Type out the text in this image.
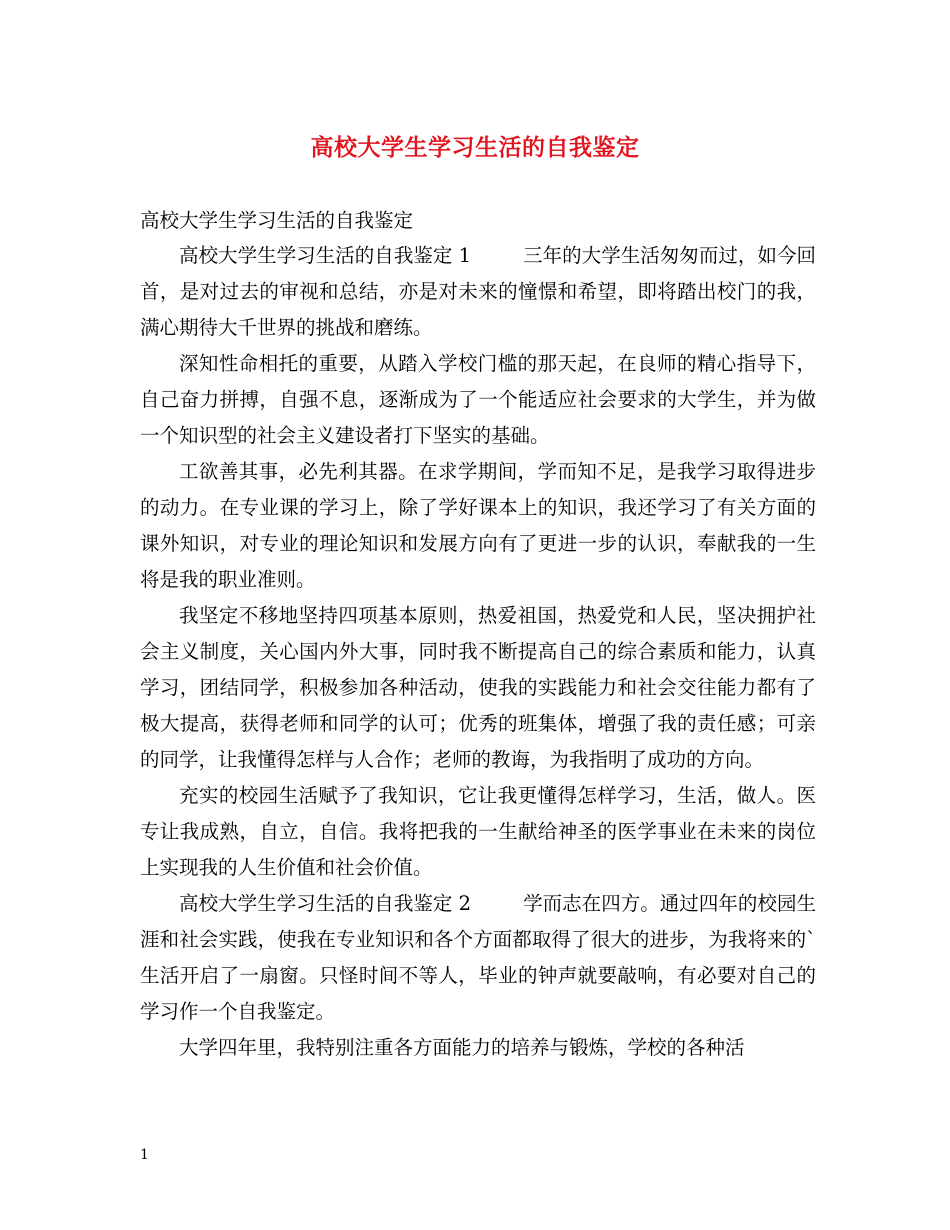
高校大学生学习生活的自我鉴定

高校大学生学习生活的自我鉴定

高校大学生学习生活的自我鉴定 1	三年的大学生活匆匆而过，如今回首，是对过去的审视和总结，亦是对未来的憧憬和希望，即将踏出校门的我，满心期待大千世界的挑战和磨练。

深知性命相托的重要，从踏入学校门槛的那天起，在良师的精心指导下，自己奋力拼搏，自强不息，逐渐成为了一个能适应社会要求的大学生，并为做一个知识型的社会主义建设者打下坚实的基础。

工欲善其事，必先利其器。在求学期间，学而知不足，是我学习取得进步的动力。在专业课的学习上，除了学好课本上的知识，我还学习了有关方面的课外知识，对专业的理论知识和发展方向有了更进一步的认识，奉献我的一生将是我的职业准则。

我坚定不移地坚持四项基本原则，热爱祖国，热爱党和人民，坚决拥护社会主义制度，关心国内外大事，同时我不断提高自己的综合素质和能力，认真学习，团结同学，积极参加各种活动，使我的实践能力和社会交往能力都有了极大提高，获得老师和同学的认可；优秀的班集体，增强了我的责任感；可亲的同学，让我懂得怎样与人合作；老师的教诲，为我指明了成功的方向。

充实的校园生活赋予了我知识，它让我更懂得怎样学习，生活，做人。医专让我成熟，自立，自信。我将把我的一生献给神圣的医学事业在未来的岗位上实现我的人生价值和社会价值。

高校大学生学习生活的自我鉴定 2	学而志在四方。通过四年的校园生涯和社会实践，使我在专业知识和各个方面都取得了很大的进步，为我将来的`生活开启了一扇窗。只怪时间不等人，毕业的钟声就要敲响，有必要对自己的学习作一个自我鉴定。

大学四年里，我特别注重各方面能力的培养与锻炼，学校的各种活

1
